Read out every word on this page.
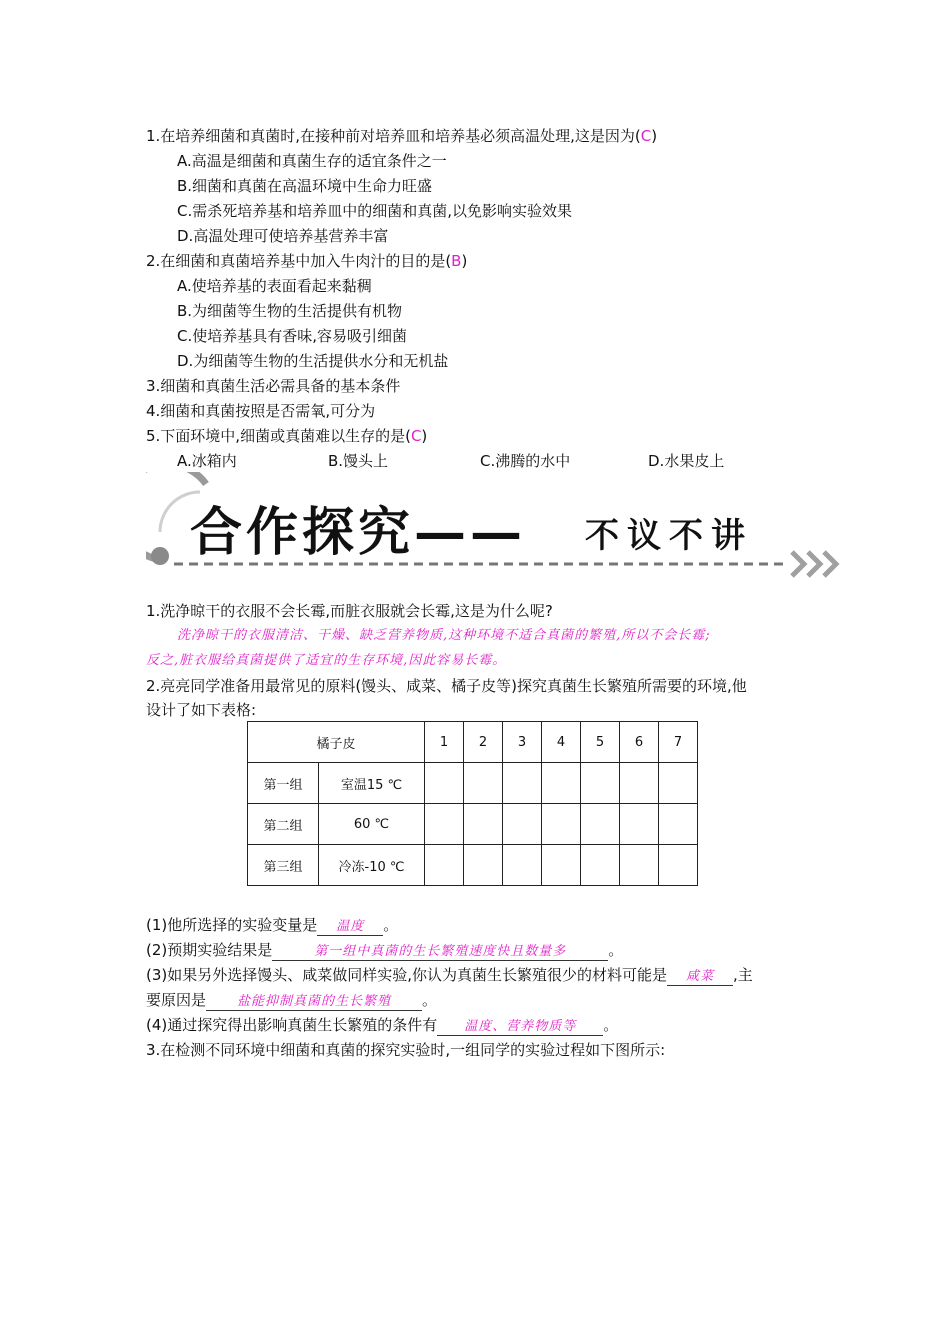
1.在培养细菌和真菌时,在接种前对培养皿和培养基必须高温处理,这是因为(C)
A.高温是细菌和真菌生存的适宜条件之一
B.细菌和真菌在高温环境中生命力旺盛
C.需杀死培养基和培养皿中的细菌和真菌,以免影响实验效果
D.高温处理可使培养基营养丰富
2.在细菌和真菌培养基中加入牛肉汁的目的是(B)
A.使培养基的表面看起来黏稠
B.为细菌等生物的生活提供有机物
C.使培养基具有香味,容易吸引细菌
D.为细菌等生物的生活提供水分和无机盐
3.细菌和真菌生活必需具备的基本条件
4.细菌和真菌按照是否需氧,可分为
5.下面环境中,细菌或真菌难以生存的是(C)
A.冰箱内	B.馒头上	C.沸腾的水中	D.水果皮上
合作探究—— 不议不讲
1.洗净晾干的衣服不会长霉,而脏衣服就会长霉,这是为什么呢?
洗净晾干的衣服清洁、干燥、缺乏营养物质,这种环境不适合真菌的繁殖,所以不会长霉;
反之,脏衣服给真菌提供了适宜的生存环境,因此容易长霉。
2.亮亮同学准备用最常见的原料(馒头、咸菜、橘子皮等)探究真菌生长繁殖所需要的环境,他
设计了如下表格:
橘子皮		1	2	3	4	5	6	7
第一组	室温15 ℃							
第二组	60 ℃							
第三组	冷冻-10 ℃							
(1)他所选择的实验变量是 温度 。
(2)预期实验结果是	第一组中真菌的生长繁殖速度快且数量多	。
(3)如果另外选择馒头、咸菜做同样实验,你认为真菌生长繁殖很少的材料可能是 咸菜 ,主
要原因是 盐能抑制真菌的生长繁殖 。
(4)通过探究得出影响真菌生长繁殖的条件有 温度、营养物质等 。
3.在检测不同环境中细菌和真菌的探究实验时,一组同学的实验过程如下图所示:
